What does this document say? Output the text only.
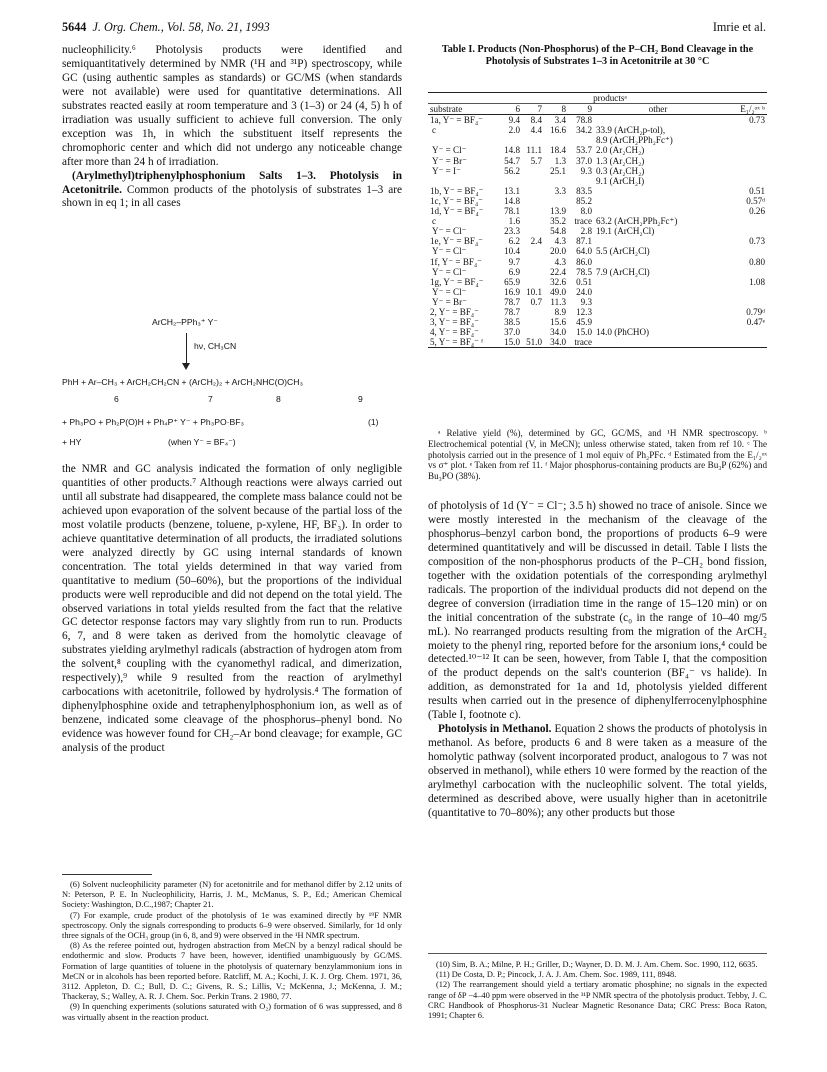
5644 J. Org. Chem., Vol. 58, No. 21, 1993	Imrie et al.

nucleophilicity.⁶ Photolysis products were identified and semiquantitatively determined by NMR (¹H and ³¹P) spectroscopy, while GC (using authentic samples as standards) or GC/MS (when standards were not available) were used for quantitative determinations. All substrates reacted easily at room temperature and 3 (1–3) or 24 (4, 5) h of irradiation was usually sufficient to achieve full conversion. The only exception was 1h, in which the substituent itself represents the chromophoric center and which did not undergo any noticeable change after more than 24 h of irradiation.

(Arylmethyl)triphenylphosphonium Salts 1–3. Photolysis in Acetonitrile. Common products of the photolysis of substrates 1–3 are shown in eq 1; in all cases

ArCH₂–PPh₃⁺ Y⁻
hν, CH₃CN
PhH + Ar–CH₃ + ArCH₂CH₂CN + (ArCH₂)₂ + ArCH₂NHC(O)CH₃
6	7	8	9
+ Ph₃PO + Ph₂P(O)H + Ph₄P⁺ Y⁻ + Ph₃PO·BF₃	(1)
+ HY	(when Y⁻ = BF₄⁻)

the NMR and GC analysis indicated the formation of only negligible quantities of other products.⁷ Although reactions were always carried out until all substrate had disappeared, the complete mass balance could not be achieved upon evaporation of the solvent because of the partial loss of the most volatile products (benzene, toluene, p-xylene, HF, BF₃). In order to achieve quantitative determination of all products, the irradiated solutions were analyzed directly by GC using internal standards of known concentration. The total yields determined in that way varied from quantitative to medium (50–60%), but the proportions of the individual products were well reproducible and did not depend on the total yield. The observed variations in total yields resulted from the fact that the relative GC detector response factors may vary slightly from run to run. Products 6, 7, and 8 were taken as derived from the homolytic cleavage of substrates yielding arylmethyl radicals (abstraction of hydrogen atom from the solvent,⁸ coupling with the cyanomethyl radical, and dimerization, respectively),⁹ while 9 resulted from the reaction of arylmethyl carbocations with acetonitrile, followed by hydrolysis.⁴ The formation of diphenylphosphine oxide and tetraphenylphosphonium ion, as well as of benzene, indicated some cleavage of the phosphorus–phenyl bond. No evidence was however found for CH₂–Ar bond cleavage; for example, GC analysis of the product

(6) Solvent nucleophilicity parameter (N) for acetonitrile and for methanol differ by 2.12 units of N: Peterson, P. E. In Nucleophilicity, Harris, J. M., McManus, S. P., Ed.; American Chemical Society: Washington, D.C.,1987; Chapter 21.

(7) For example, crude product of the photolysis of 1e was examined directly by ¹⁹F NMR spectroscopy. Only the signals corresponding to products 6–9 were observed. Similarly, for 1d only three signals of the OCH₃ group (in 6, 8, and 9) were observed in the ¹H NMR spectrum.

(8) As the referee pointed out, hydrogen abstraction from MeCN by a benzyl radical should be endothermic and slow. Products 7 have been, however, identified unambiguously by GC/MS. Formation of large quantities of toluene in the photolysis of quaternary benzylammonium ions in MeCN or in alcohols has been reported before. Ratcliff, M. A.; Kochi, J. K. J. Org. Chem. 1971, 36, 3112. Appleton, D. C.; Bull, D. C.; Givens, R. S.; Lillis, V.; McKenna, J.; McKenna, J. M.; Thackeray, S.; Walley, A. R. J. Chem. Soc. Perkin Trans. 2 1980, 77.

(9) In quenching experiments (solutions saturated with O₂) formation of 6 was suppressed, and 8 was virtually absent in the reaction product.

Table I. Products (Non-Phosphorus) of the P–CH₂ Bond Cleavage in the Photolysis of Substrates 1–3 in Acetonitrile at 30 °C
	productsᵃ					
substrate	6	7	8	9	other	E₁/₂ᵒˣ ᵇ
1a, Y⁻ = BF₄⁻	9.4	8.4	3.4	78.8		0.73
c	2.0	4.4	16.6	34.2	33.9 (ArCH₂p-tol),	
					8.9 (ArCH₂PPh₂Fc⁺)	
Y⁻ = Cl⁻	14.8	11.1	18.4	53.7	2.0 (Ar₂CH₂)	
Y⁻ = Br⁻	54.7	5.7	1.3	37.0	1.3 (Ar₂CH₂)	
Y⁻ = I⁻	56.2		25.1	9.3	0.3 (Ar₂CH₂)	
					9.1 (ArCH₂I)	
1b, Y⁻ = BF₄⁻	13.1		3.3	83.5		0.51
1c, Y⁻ = BF₄⁻	14.8			85.2		0.57ᵈ
1d, Y⁻ = BF₄⁻	78.1		13.9	8.0		0.26
c	1.6		35.2	trace	63.2 (ArCH₂PPh₂Fc⁺)	
Y⁻ = Cl⁻	23.3		54.8	2.8	19.1 (ArCH₂Cl)	
1e, Y⁻ = BF₄⁻	6.2	2.4	4.3	87.1		0.73
Y⁻ = Cl⁻	10.4		20.0	64.0	5.5 (ArCH₂Cl)	
1f, Y⁻ = BF₄⁻	9.7		4.3	86.0		0.80
Y⁻ = Cl⁻	6.9		22.4	78.5	7.9 (ArCH₂Cl)	
1g, Y⁻ = BF₄⁻	65.9		32.6	0.51		1.08
Y⁻ = Cl⁻	16.9	10.1	49.0	24.0		
Y⁻ = Br⁻	78.7	0.7	11.3	9.3		
2, Y⁻ = BF₄⁻	78.7		8.9	12.3		0.79ᵈ
3, Y⁻ = BF₄⁻	38.5		15.6	45.9		0.47ᵉ
4, Y⁻ = BF₄⁻	37.0		34.0	15.0	14.0 (PhCHO)	
5, Y⁻ = BF₄⁻ ᶠ	15.0	51.0	34.0	trace		

ᵃ Relative yield (%), determined by GC, GC/MS, and ¹H NMR spectroscopy. ᵇ Electrochemical potential (V, in MeCN); unless otherwise stated, taken from ref 10. ᶜ The photolysis carried out in the presence of 1 mol equiv of Ph₂PFc. ᵈ Estimated from the E₁/₂ᵒˣ vs σ⁺ plot. ᵉ Taken from ref 11. ᶠ Major phosphorus-containing products are Bu₃P (62%) and Bu₃PO (38%).

of photolysis of 1d (Y⁻ = Cl⁻; 3.5 h) showed no trace of anisole. Since we were mostly interested in the mechanism of the cleavage of the phosphorus–benzyl carbon bond, the proportions of products 6–9 were determined quantitatively and will be discussed in detail. Table I lists the composition of the non-phosphorus products of the P–CH₂ bond fission, together with the oxidation potentials of the corresponding arylmethyl radicals. The proportion of the individual products did not depend on the degree of conversion (irradiation time in the range of 15–120 min) or on the initial concentration of the substrate (c₀ in the range of 10–40 mg/5 mL). No rearranged products resulting from the migration of the ArCH₂ moiety to the phenyl ring, reported before for the arsonium ions,⁴ could be detected.¹⁰⁻¹² It can be seen, however, from Table I, that the composition of the product depends on the salt's counterion (BF₄⁻ vs halide). In addition, as demonstrated for 1a and 1d, photolysis yielded different results when carried out in the presence of diphenylferrocenylphosphine (Table I, footnote c).

Photolysis in Methanol. Equation 2 shows the products of photolysis in methanol. As before, products 6 and 8 were taken as a measure of the homolytic pathway (solvent incorporated product, analogous to 7 was not observed in methanol), while ethers 10 were formed by the reaction of the arylmethyl carbocation with the nucleophilic solvent. The total yields, determined as described above, were usually higher than in acetonitrile (quantitative to 70–80%); any other products but those

(10) Sim, B. A.; Milne, P. H.; Griller, D.; Wayner, D. D. M. J. Am. Chem. Soc. 1990, 112, 6635.

(11) De Costa, D. P.; Pincock, J. A. J. Am. Chem. Soc. 1989, 111, 8948.

(12) The rearrangement should yield a tertiary aromatic phosphine; no signals in the expected range of δP −4–40 ppm were observed in the ³¹P NMR spectra of the photolysis product. Tebby, J. C. CRC Handbook of Phosphorus-31 Nuclear Magnetic Resonance Data; CRC Press: Boca Raton, 1991; Chapter 6.
